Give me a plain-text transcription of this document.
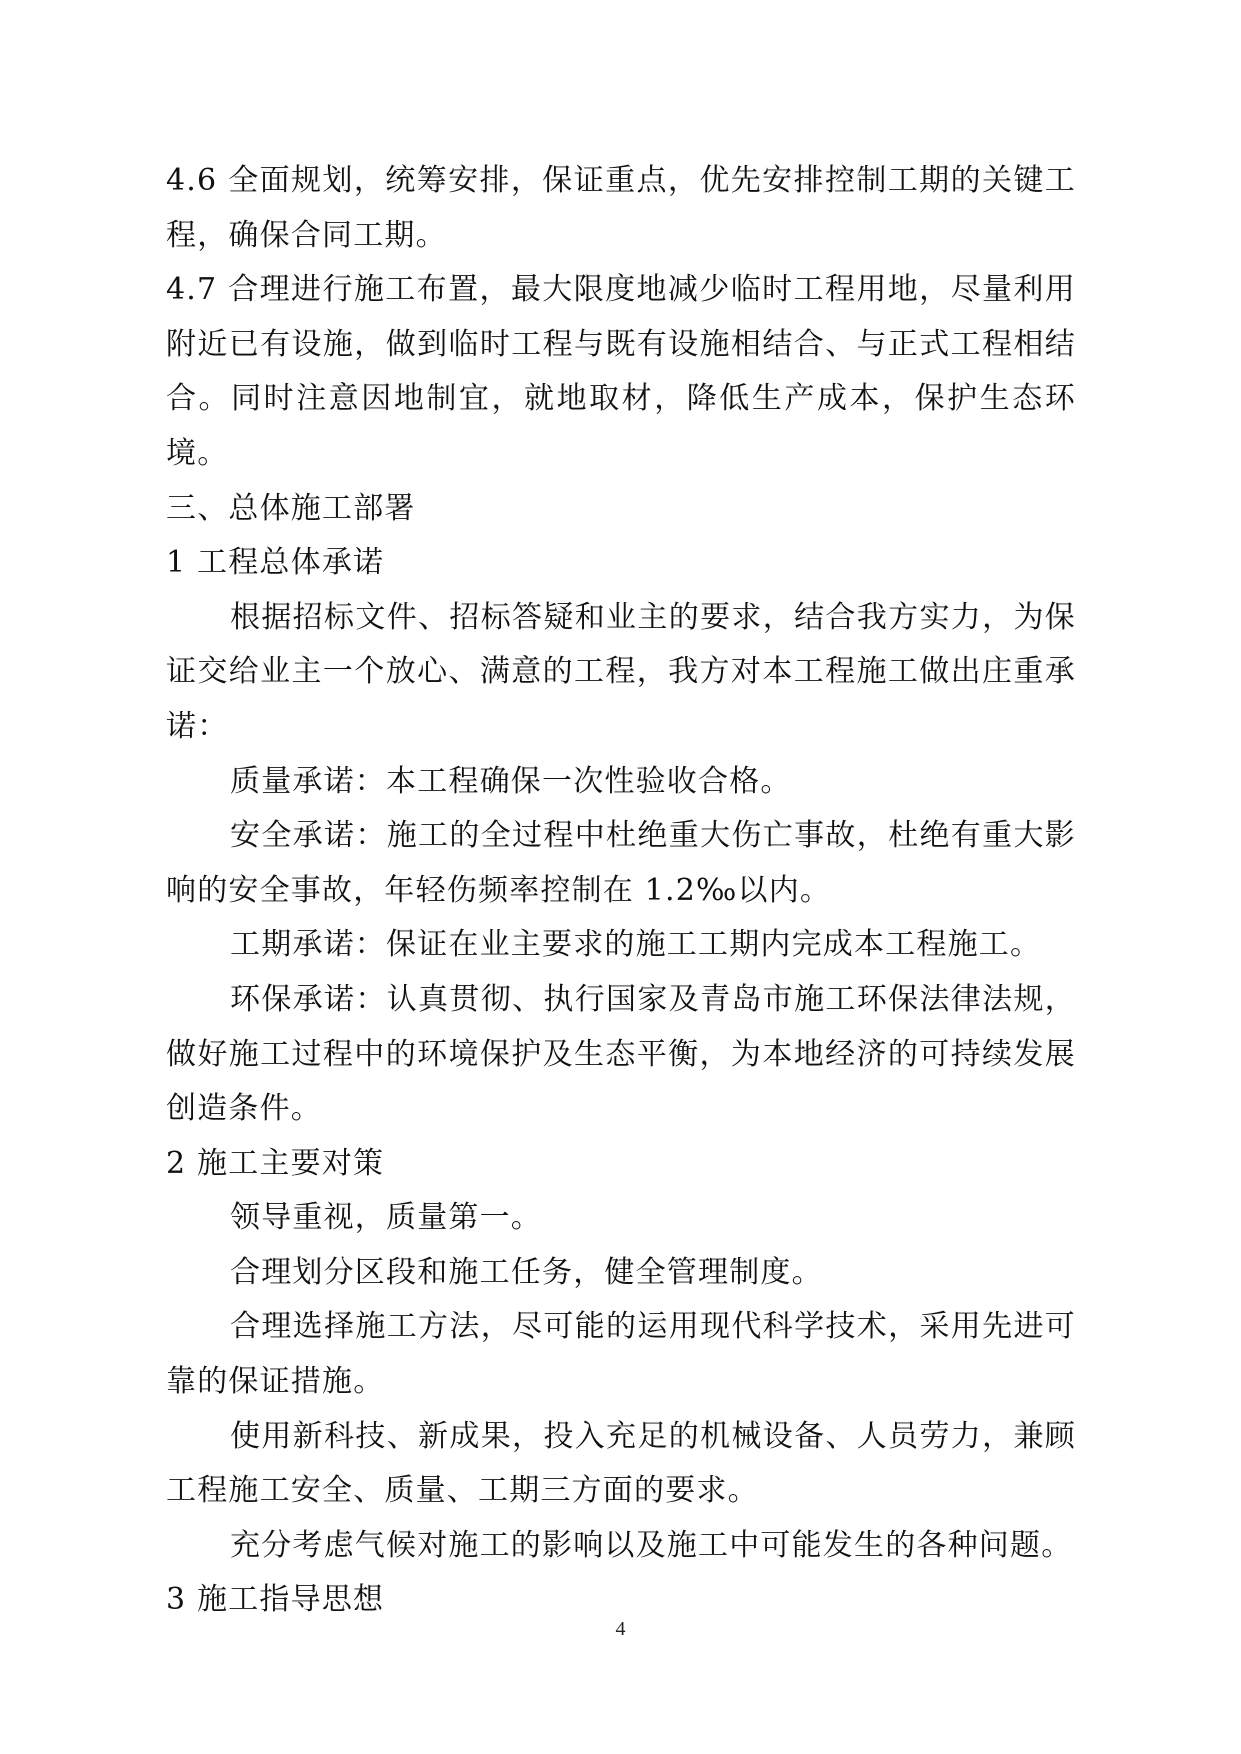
4.6 全面规划，统筹安排，保证重点，优先安排控制工期的关键工程，确保合同工期。

4.7 合理进行施工布置，最大限度地减少临时工程用地，尽量利用附近已有设施，做到临时工程与既有设施相结合、与正式工程相结合。同时注意因地制宜，就地取材，降低生产成本，保护生态环境。

三、总体施工部署

1 工程总体承诺

根据招标文件、招标答疑和业主的要求，结合我方实力，为保证交给业主一个放心、满意的工程，我方对本工程施工做出庄重承诺：

质量承诺：本工程确保一次性验收合格。

安全承诺：施工的全过程中杜绝重大伤亡事故，杜绝有重大影响的安全事故，年轻伤频率控制在 1.2‰以内。

工期承诺：保证在业主要求的施工工期内完成本工程施工。

环保承诺：认真贯彻、执行国家及青岛市施工环保法律法规，做好施工过程中的环境保护及生态平衡，为本地经济的可持续发展创造条件。

2 施工主要对策

领导重视，质量第一。

合理划分区段和施工任务，健全管理制度。

合理选择施工方法，尽可能的运用现代科学技术，采用先进可靠的保证措施。

使用新科技、新成果，投入充足的机械设备、人员劳力，兼顾工程施工安全、质量、工期三方面的要求。

充分考虑气候对施工的影响以及施工中可能发生的各种问题。

3 施工指导思想

4
